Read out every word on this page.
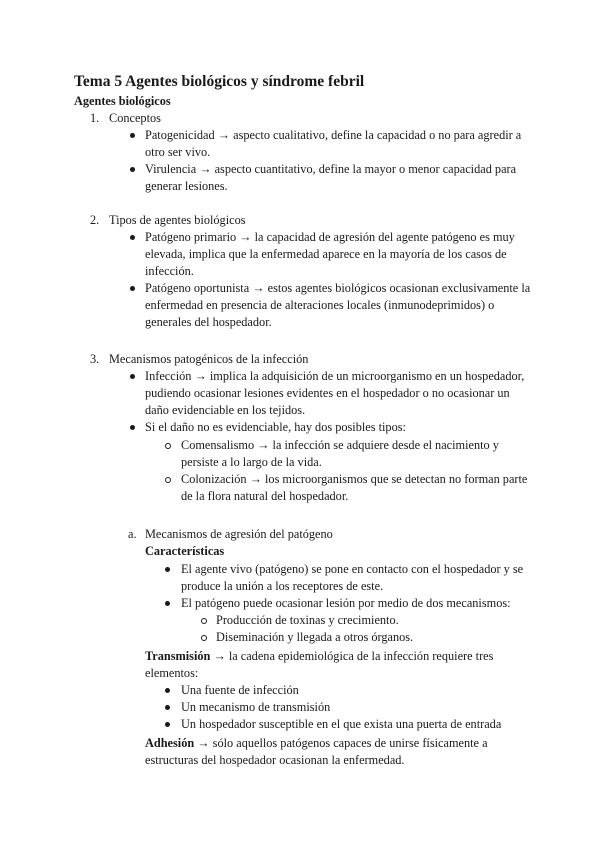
Tema 5 Agentes biológicos y síndrome febril
Agentes biológicos
1. Conceptos
Patogenicidad → aspecto cualitativo, define la capacidad o no para agredir a
otro ser vivo.
Virulencia → aspecto cuantitativo, define la mayor o menor capacidad para
generar lesiones.
2. Tipos de agentes biológicos
Patógeno primario → la capacidad de agresión del agente patógeno es muy
elevada, implica que la enfermedad aparece en la mayoría de los casos de
infección.
Patógeno oportunista → estos agentes biológicos ocasionan exclusivamente la
enfermedad en presencia de alteraciones locales (inmunodeprimidos) o
generales del hospedador.
3. Mecanismos patogénicos de la infección
Infección → implica la adquisición de un microorganismo en un hospedador,
pudiendo ocasionar lesiones evidentes en el hospedador o no ocasionar un
daño evidenciable en los tejidos.
Si el daño no es evidenciable, hay dos posibles tipos:
Comensalismo → la infección se adquiere desde el nacimiento y
persiste a lo largo de la vida.
Colonización → los microorganismos que se detectan no forman parte
de la flora natural del hospedador.
a. Mecanismos de agresión del patógeno
Características
El agente vivo (patógeno) se pone en contacto con el hospedador y se
produce la unión a los receptores de este.
El patógeno puede ocasionar lesión por medio de dos mecanismos:
Producción de toxinas y crecimiento.
Diseminación y llegada a otros órganos.
Transmisión → la cadena epidemiológica de la infección requiere tres
elementos:
Una fuente de infección
Un mecanismo de transmisión
Un hospedador susceptible en el que exista una puerta de entrada
Adhesión → sólo aquellos patógenos capaces de unirse físicamente a
estructuras del hospedador ocasionan la enfermedad.
